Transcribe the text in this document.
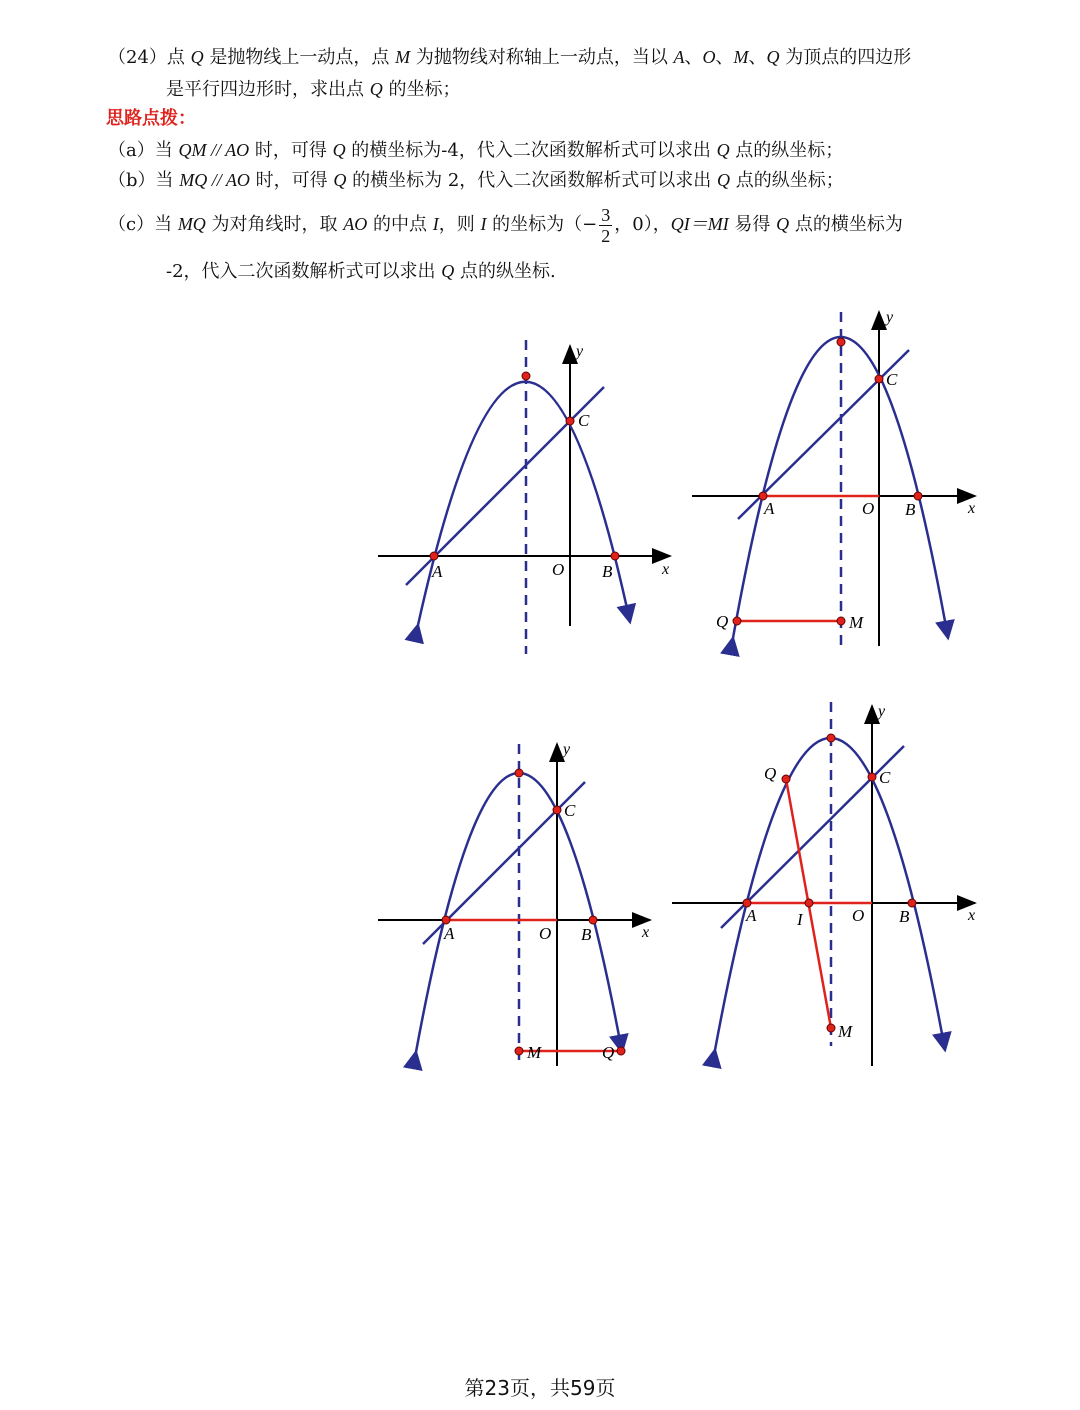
（24）点 Q 是抛物线上一动点，点 M 为抛物线对称轴上一动点，当以 A、O、M、Q 为顶点的四边形
是平行四边形时，求出点 Q 的坐标；
思路点拨：
（a）当 QM // AO 时，可得 Q 的横坐标为-4，代入二次函数解析式可以求出 Q 点的纵坐标；
（b）当 MQ // AO 时，可得 Q 的横坐标为 2，代入二次函数解析式可以求出 Q 点的纵坐标；
（c）当 MQ 为对角线时，取 AO 的中点 I，则 I 的坐标为（− $\frac{3}{2}$ ，0），QI＝MI 易得 Q 点的横坐标为
-2，代入二次函数解析式可以求出 Q 点的纵坐标.
y
x
A	O B
C
y
x
A	O B
C
Q	M
y
x
A	O B
C
M	Q
y
x
Q	C
A I	O B
M
第23页，共59页
